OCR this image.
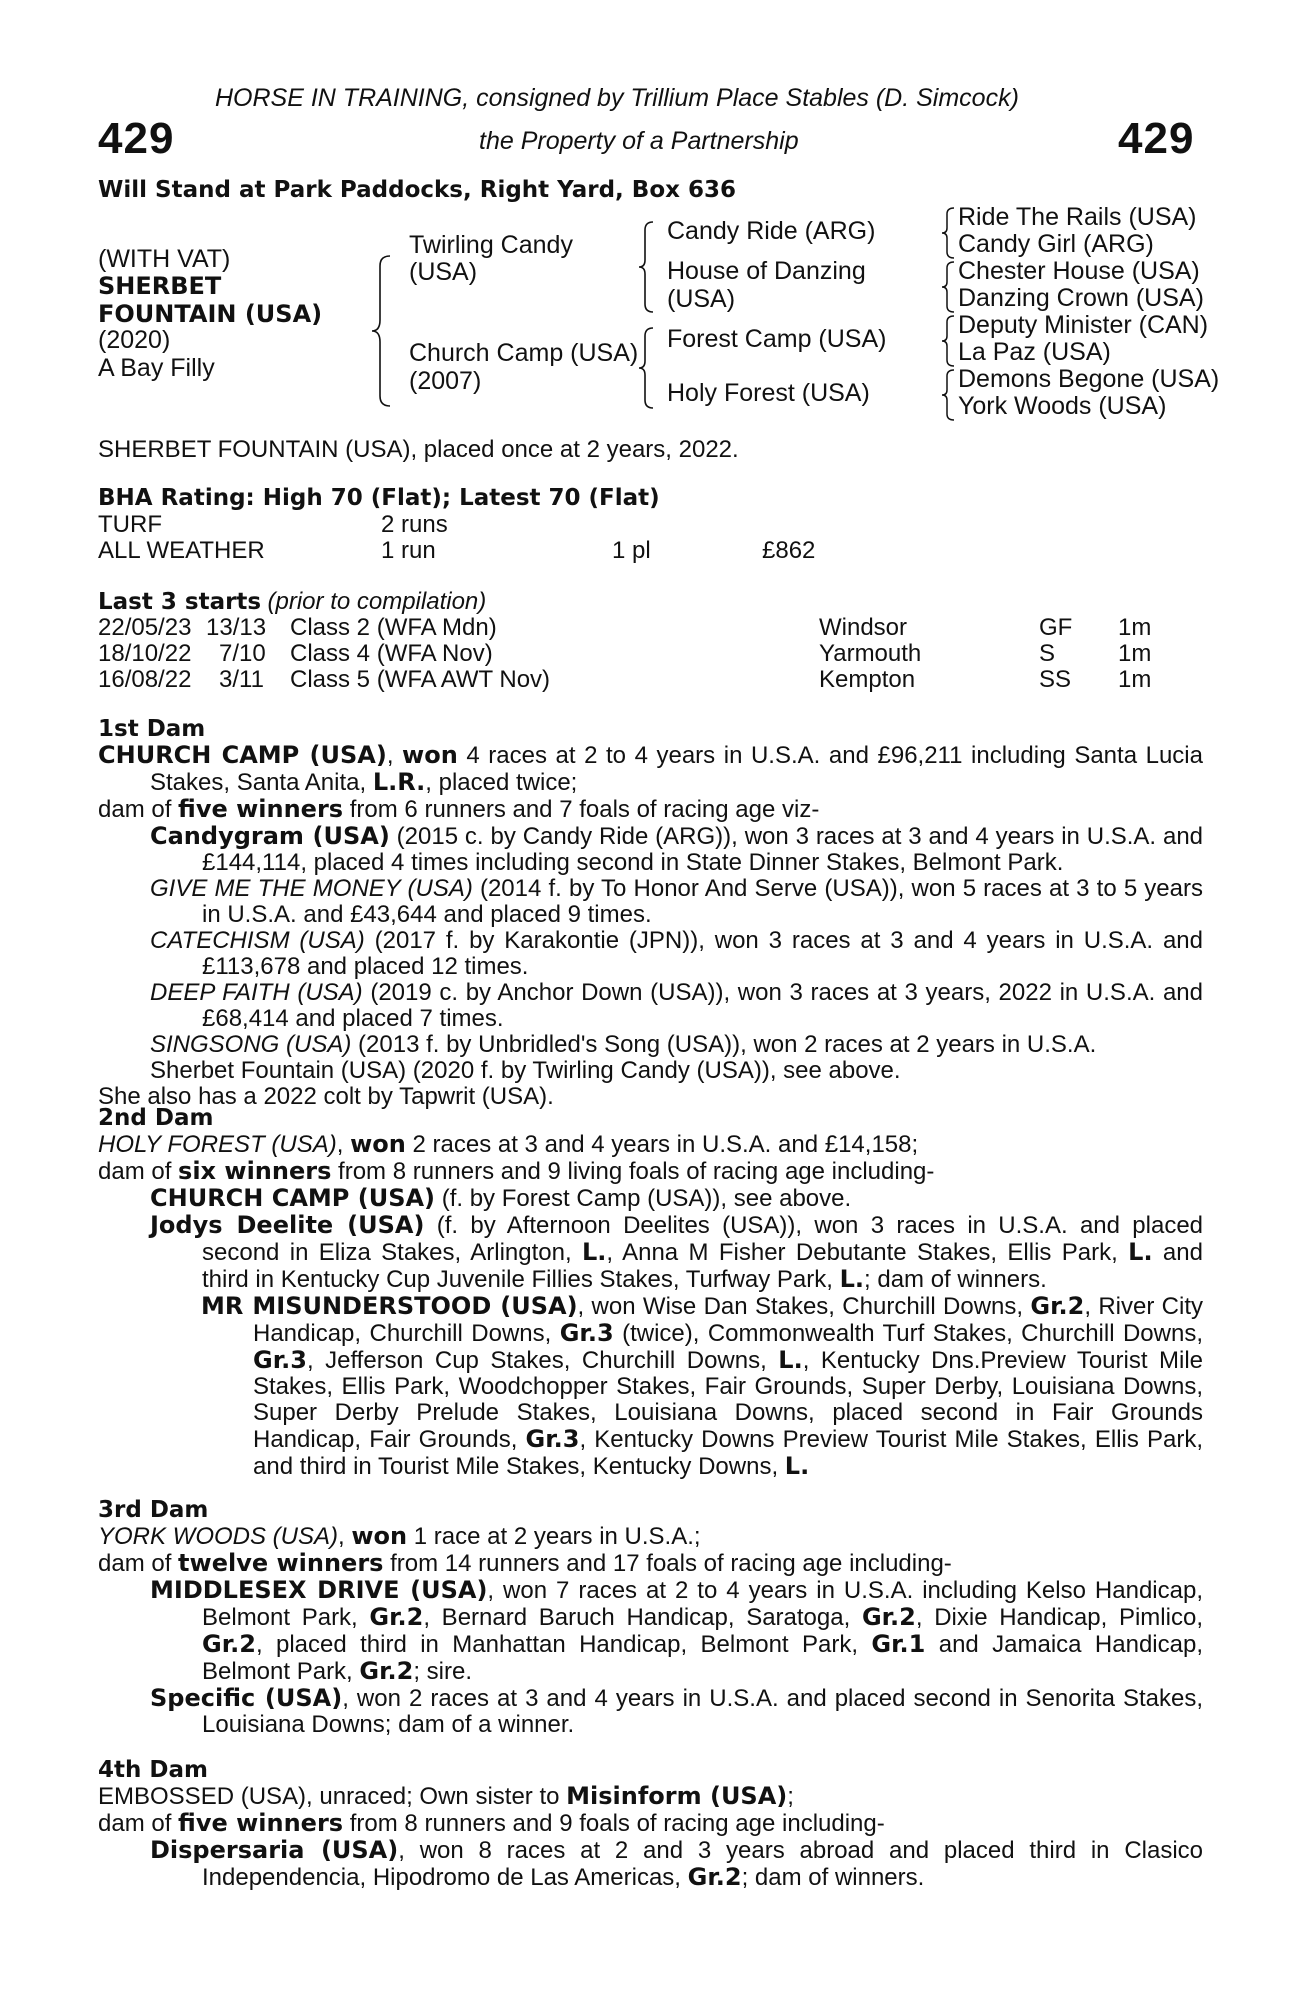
HORSE IN TRAINING, consigned by Trillium Place Stables (D. Simcock)
429	the Property of a Partnership	429
Will Stand at Park Paddocks, Right Yard, Box 636
(WITH VAT)
SHERBET
FOUNTAIN (USA)
(2020)
A Bay Filly
Twirling Candy
(USA)
Church Camp (USA)
(2007)
Candy Ride (ARG)
House of Danzing
(USA)
Forest Camp (USA)
Holy Forest (USA)
Ride The Rails (USA)
Candy Girl (ARG)
Chester House (USA)
Danzing Crown (USA)
Deputy Minister (CAN)
La Paz (USA)
Demons Begone (USA)
York Woods (USA)
SHERBET FOUNTAIN (USA), placed once at 2 years, 2022.
BHA Rating: High 70 (Flat); Latest 70 (Flat)
TURF	2 runs
ALL WEATHER	1 run	1 pl	£862
Last 3 starts (prior to compilation)
22/05/23 13/13 Class 2 (WFA Mdn)	Windsor	GF 1m
18/10/22 7/10 Class 4 (WFA Nov)	Yarmouth	S	1m
16/08/22 3/11 Class 5 (WFA AWT Nov)	Kempton	SS 1m

1st Dam

CHURCH CAMP (USA), won 4 races at 2 to 4 years in U.S.A. and £96,211 including Santa Lucia Stakes, Santa Anita, L.R., placed twice;

dam of five winners from 6 runners and 7 foals of racing age viz-

Candygram (USA) (2015 c. by Candy Ride (ARG)), won 3 races at 3 and 4 years in U.S.A. and £144,114, placed 4 times including second in State Dinner Stakes, Belmont Park.

GIVE ME THE MONEY (USA) (2014 f. by To Honor And Serve (USA)), won 5 races at 3 to 5 years in U.S.A. and £43,644 and placed 9 times.

CATECHISM (USA) (2017 f. by Karakontie (JPN)), won 3 races at 3 and 4 years in U.S.A. and £113,678 and placed 12 times.

DEEP FAITH (USA) (2019 c. by Anchor Down (USA)), won 3 races at 3 years, 2022 in U.S.A. and £68,414 and placed 7 times.

SINGSONG (USA) (2013 f. by Unbridled's Song (USA)), won 2 races at 2 years in U.S.A.

Sherbet Fountain (USA) (2020 f. by Twirling Candy (USA)), see above.

She also has a 2022 colt by Tapwrit (USA).

2nd Dam

HOLY FOREST (USA), won 2 races at 3 and 4 years in U.S.A. and £14,158;

dam of six winners from 8 runners and 9 living foals of racing age including-

CHURCH CAMP (USA) (f. by Forest Camp (USA)), see above.

Jodys Deelite (USA) (f. by Afternoon Deelites (USA)), won 3 races in U.S.A. and placed second in Eliza Stakes, Arlington, L., Anna M Fisher Debutante Stakes, Ellis Park, L. and third in Kentucky Cup Juvenile Fillies Stakes, Turfway Park, L.; dam of winners.

MR MISUNDERSTOOD (USA), won Wise Dan Stakes, Churchill Downs, Gr.2, River City Handicap, Churchill Downs, Gr.3 (twice), Commonwealth Turf Stakes, Churchill Downs, Gr.3, Jefferson Cup Stakes, Churchill Downs, L., Kentucky Dns.Preview Tourist Mile Stakes, Ellis Park, Woodchopper Stakes, Fair Grounds, Super Derby, Louisiana Downs, Super Derby Prelude Stakes, Louisiana Downs, placed second in Fair Grounds Handicap, Fair Grounds, Gr.3, Kentucky Downs Preview Tourist Mile Stakes, Ellis Park, and third in Tourist Mile Stakes, Kentucky Downs, L.

3rd Dam

YORK WOODS (USA), won 1 race at 2 years in U.S.A.;

dam of twelve winners from 14 runners and 17 foals of racing age including-

MIDDLESEX DRIVE (USA), won 7 races at 2 to 4 years in U.S.A. including Kelso Handicap, Belmont Park, Gr.2, Bernard Baruch Handicap, Saratoga, Gr.2, Dixie Handicap, Pimlico, Gr.2, placed third in Manhattan Handicap, Belmont Park, Gr.1 and Jamaica Handicap, Belmont Park, Gr.2; sire.

Specific (USA), won 2 races at 3 and 4 years in U.S.A. and placed second in Senorita Stakes, Louisiana Downs; dam of a winner.

4th Dam

EMBOSSED (USA), unraced; Own sister to Misinform (USA);

dam of five winners from 8 runners and 9 foals of racing age including-

Dispersaria (USA), won 8 races at 2 and 3 years abroad and placed third in Clasico Independencia, Hipodromo de Las Americas, Gr.2; dam of winners.
